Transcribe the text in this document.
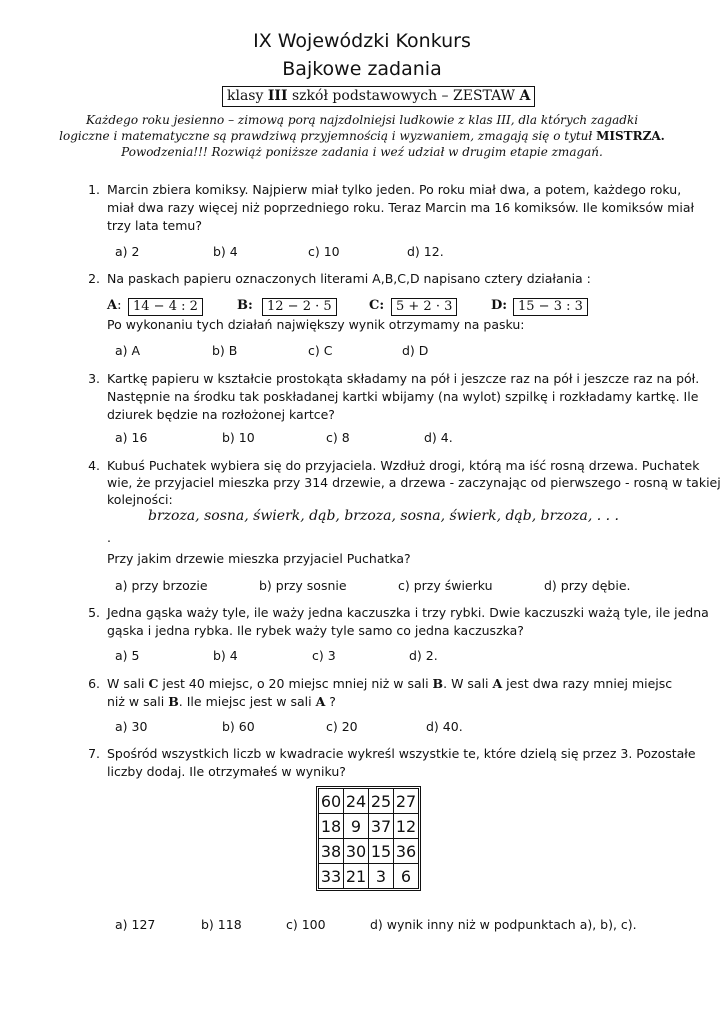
IX Wojewódzki Konkurs
Bajkowe zadania
klasy III szkół podstawowych – ZESTAW A
Każdego roku jesienno – zimową porą najzdolniejsi ludkowie z klas III, dla których zagadki
logiczne i matematyczne są prawdziwą przyjemnością i wyzwaniem, zmagają się o tytuł MISTRZA.
Powodzenia!!! Rozwiąż poniższe zadania i weź udział w drugim etapie zmagań.
1. Marcin zbiera komiksy. Najpierw miał tylko jeden. Po roku miał dwa, a potem, każdego roku,
miał dwa razy więcej niż poprzedniego roku. Teraz Marcin ma 16 komiksów. Ile komiksów miał
trzy lata temu?
a) 2	b) 4	c) 10	d) 12.
2. Na paskach papieru oznaczonych literami A,B,C,D napisano cztery działania :
A: 14 − 4 : 2	B:	12 − 2 · 5	C: 5 + 2 · 3	D: 15 − 3 : 3
Po wykonaniu tych działań największy wynik otrzymamy na pasku:
a) A	b) B	c) C	d) D
3. Kartkę papieru w kształcie prostokąta składamy na pół i jeszcze raz na pół i jeszcze raz na pół.
Następnie na środku tak poskładanej kartki wbijamy (na wylot) szpilkę i rozkładamy kartkę. Ile
dziurek będzie na rozłożonej kartce?
a) 16	b) 10	c) 8	d) 4.
4. Kubuś Puchatek wybiera się do przyjaciela. Wzdłuż drogi, którą ma iść rosną drzewa. Puchatek
wie, że przyjaciel mieszka przy 314 drzewie, a drzewa - zaczynając od pierwszego - rosną w takiej
kolejności:
brzoza, sosna, świerk, dąb, brzoza, sosna, świerk, dąb, brzoza, . . .
.
Przy jakim drzewie mieszka przyjaciel Puchatka?
a) przy brzozie	b) przy sosnie	c) przy świerku	d) przy dębie.
5. Jedna gąska waży tyle, ile waży jedna kaczuszka i trzy rybki. Dwie kaczuszki ważą tyle, ile jedna
gąska i jedna rybka. Ile rybek waży tyle samo co jedna kaczuszka?
a) 5	b) 4	c) 3	d) 2.
6. W sali C jest 40 miejsc, o 20 miejsc mniej niż w sali B. W sali A jest dwa razy mniej miejsc
niż w sali B. Ile miejsc jest w sali A ?
a) 30	b) 60	c) 20	d) 40.
7. Spośród wszystkich liczb w kwadracie wykreśl wszystkie te, które dzielą się przez 3. Pozostałe
liczby dodaj. Ile otrzymałeś w wyniku?
60	24	25	27
18	9	37	12
38	30	15	36
33	21	3	6
a) 127	b) 118	c) 100	d) wynik inny niż w podpunktach a), b), c).
